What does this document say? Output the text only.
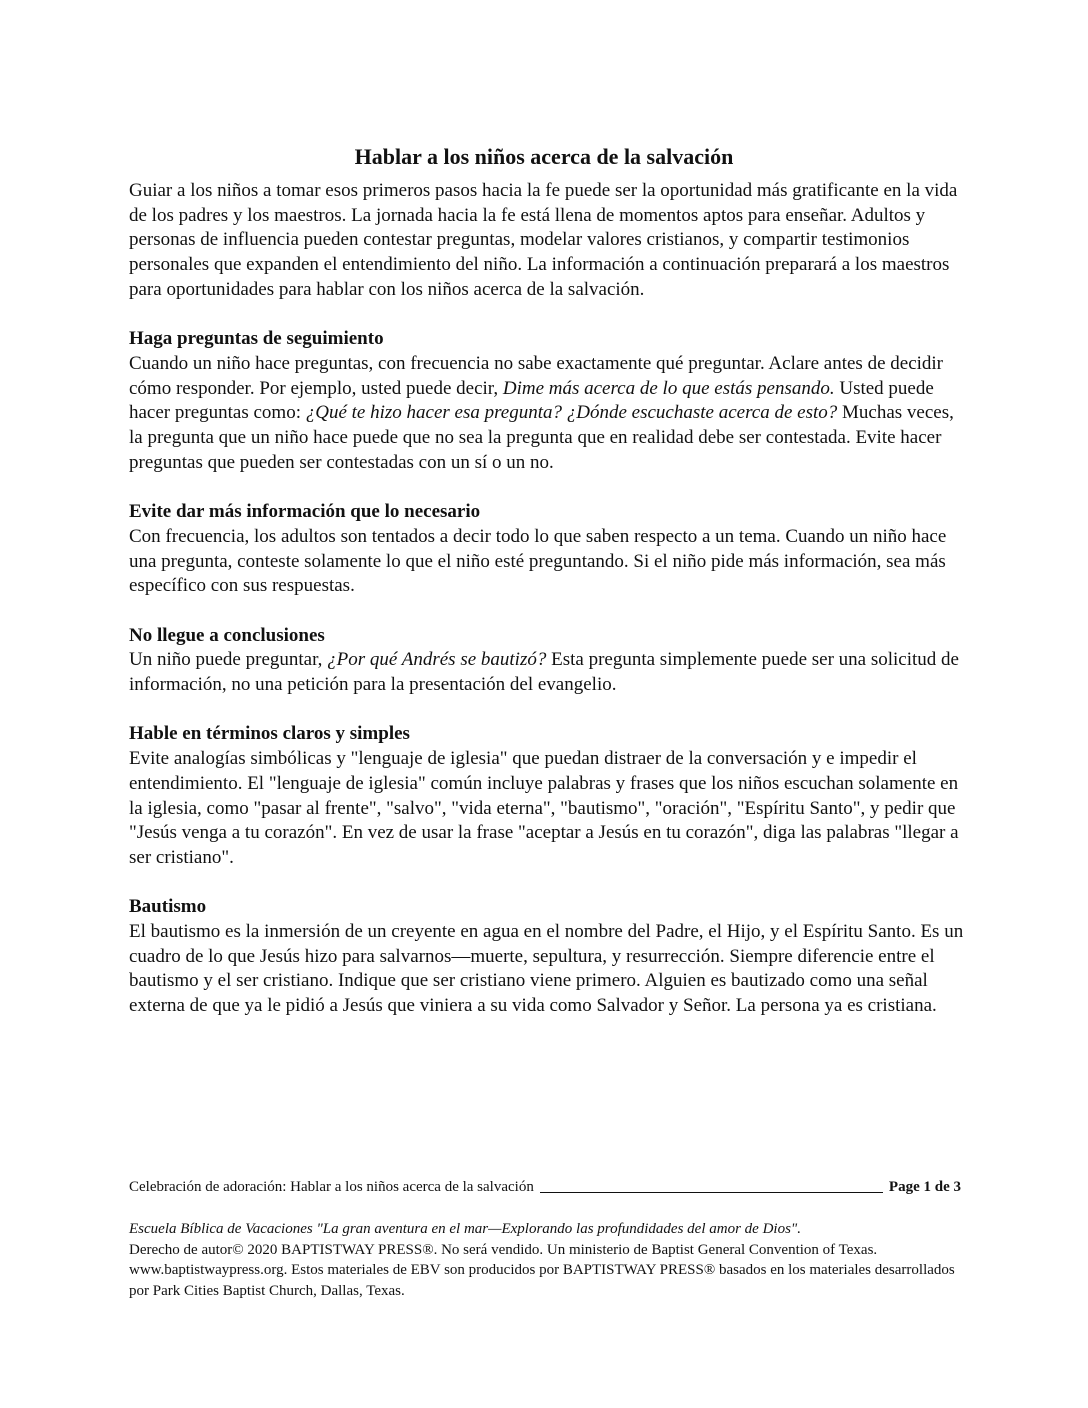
Hablar a los niños acerca de la salvación

Guiar a los niños a tomar esos primeros pasos hacia la fe puede ser la oportunidad más gratificante en la vida de los padres y los maestros. La jornada hacia la fe está llena de momentos aptos para enseñar. Adultos y personas de influencia pueden contestar preguntas, modelar valores cristianos, y compartir testimonios personales que expanden el entendimiento del niño. La información a continuación preparará a los maestros para oportunidades para hablar con los niños acerca de la salvación.

Haga preguntas de seguimiento

Cuando un niño hace preguntas, con frecuencia no sabe exactamente qué preguntar. Aclare antes de decidir cómo responder. Por ejemplo, usted puede decir, Dime más acerca de lo que estás pensando. Usted puede hacer preguntas como: ¿Qué te hizo hacer esa pregunta? ¿Dónde escuchaste acerca de esto? Muchas veces, la pregunta que un niño hace puede que no sea la pregunta que en realidad debe ser contestada. Evite hacer preguntas que pueden ser contestadas con un sí o un no.

Evite dar más información que lo necesario

Con frecuencia, los adultos son tentados a decir todo lo que saben respecto a un tema. Cuando un niño hace una pregunta, conteste solamente lo que el niño esté preguntando. Si el niño pide más información, sea más específico con sus respuestas.

No llegue a conclusiones

Un niño puede preguntar, ¿Por qué Andrés se bautizó? Esta pregunta simplemente puede ser una solicitud de información, no una petición para la presentación del evangelio.

Hable en términos claros y simples

Evite analogías simbólicas y "lenguaje de iglesia" que puedan distraer de la conversación y e impedir el entendimiento. El "lenguaje de iglesia" común incluye palabras y frases que los niños escuchan solamente en la iglesia, como "pasar al frente", "salvo", "vida eterna", "bautismo", "oración", "Espíritu Santo", y pedir que "Jesús venga a tu corazón". En vez de usar la frase "aceptar a Jesús en tu corazón", diga las palabras "llegar a ser cristiano".

Bautismo

El bautismo es la inmersión de un creyente en agua en el nombre del Padre, el Hijo, y el Espíritu Santo. Es un cuadro de lo que Jesús hizo para salvarnos—muerte, sepultura, y resurrección. Siempre diferencie entre el bautismo y el ser cristiano. Indique que ser cristiano viene primero. Alguien es bautizado como una señal externa de que ya le pidió a Jesús que viniera a su vida como Salvador y Señor. La persona ya es cristiana.

Celebración de adoración: Hablar a los niños acerca de la salvación	Page 1 de 3

Escuela Bíblica de Vacaciones "La gran aventura en el mar—Explorando las profundidades del amor de Dios".
Derecho de autor© 2020 BAPTISTWAY PRESS®. No será vendido. Un ministerio de Baptist General Convention of Texas. www.baptistwaypress.org. Estos materiales de EBV son producidos por BAPTISTWAY PRESS® basados en los materiales desarrollados por Park Cities Baptist Church, Dallas, Texas.
